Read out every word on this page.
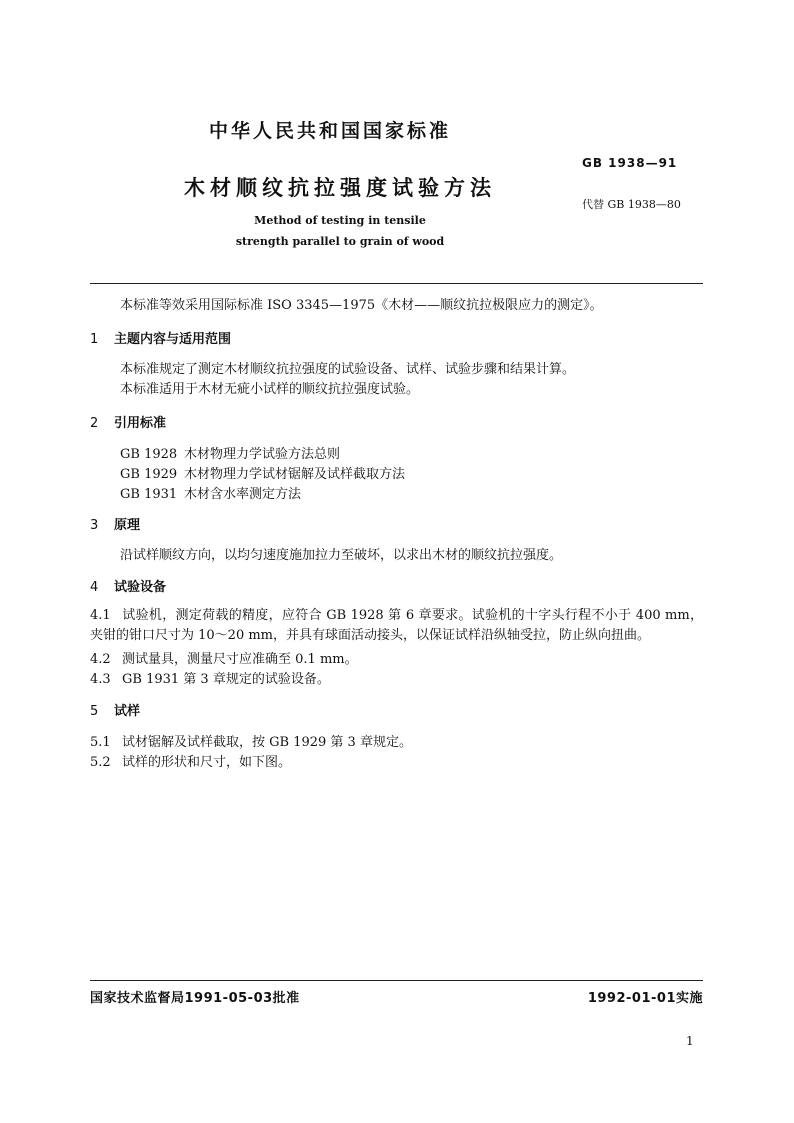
中华人民共和国国家标准
GB 1938—91
木材顺纹抗拉强度试验方法
代替 GB 1938—80
Method of testing in tensile
strength parallel to grain of wood
本标准等效采用国际标准 ISO 3345—1975《木材——顺纹抗拉极限应力的测定》。
1 主题内容与适用范围
本标准规定了测定木材顺纹抗拉强度的试验设备、试样、试验步骤和结果计算。
本标准适用于木材无疵小试样的顺纹抗拉强度试验。
2 引用标准
GB 1928 木材物理力学试验方法总则
GB 1929 木材物理力学试材锯解及试样截取方法
GB 1931 木材含水率测定方法
3 原理
沿试样顺纹方向，以均匀速度施加拉力至破坏，以求出木材的顺纹抗拉强度。
4 试验设备
4.1 试验机，测定荷载的精度，应符合 GB 1928 第 6 章要求。试验机的十字头行程不小于 400 mm，夹钳的钳口尺寸为 10～20 mm，并具有球面活动接头，以保证试样沿纵轴受拉，防止纵向扭曲。
4.2 测试量具，测量尺寸应准确至 0.1 mm。
4.3 GB 1931 第 3 章规定的试验设备。
5 试样
5.1 试材锯解及试样截取，按 GB 1929 第 3 章规定。
5.2 试样的形状和尺寸，如下图。
国家技术监督局1991-05-03批准	1992-01-01实施
1
